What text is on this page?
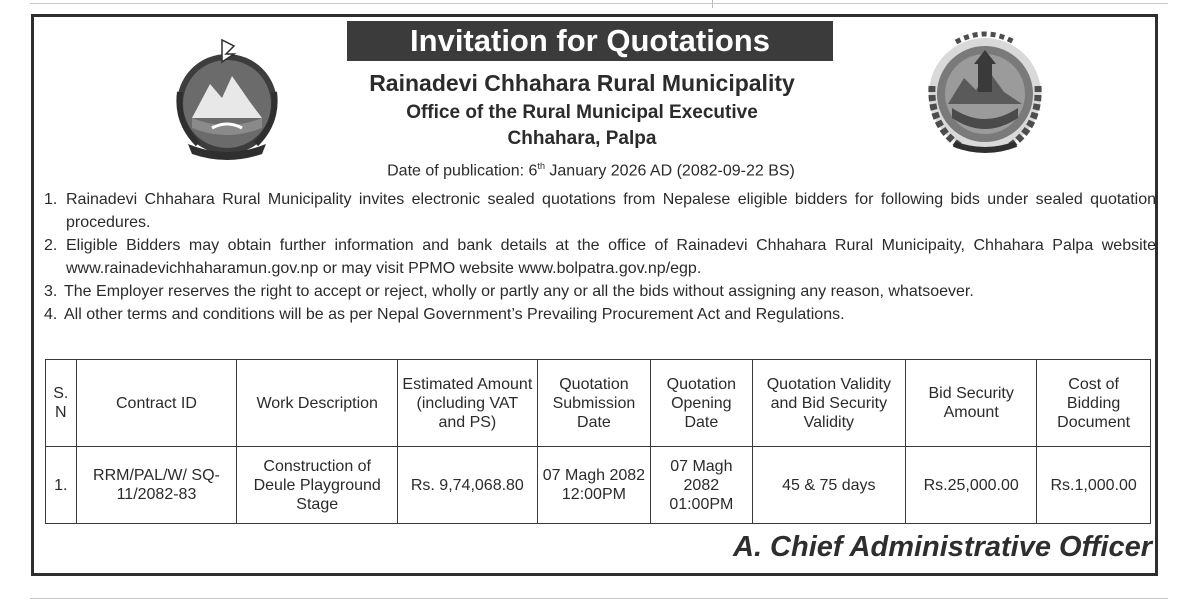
Invitation for Quotations
Rainadevi Chhahara Rural Municipality
Office of the Rural Municipal Executive
Chhahara, Palpa
Date of publication: 6th January 2026 AD (2082-09-22 BS)
1. Rainadevi Chhahara Rural Municipality invites electronic sealed quotations from Nepalese eligible bidders for following bids under sealed quotation procedures.
2. Eligible Bidders may obtain further information and bank details at the office of Rainadevi Chhahara Rural Municipaity, Chhahara Palpa website www.rainadevichhaharamun.gov.np or may visit PPMO website www.bolpatra.gov.np/egp.
3. The Employer reserves the right to accept or reject, wholly or partly any or all the bids without assigning any reason, whatsoever.
4. All other terms and conditions will be as per Nepal Government’s Prevailing Procurement Act and Regulations.
S. N	Contract ID	Work Description	Estimated Amount (including VAT and PS)	Quotation Submission Date	Quotation Opening Date	Quotation Validity and Bid Security Validity	Bid Security Amount	Cost of Bidding Document
1.	RRM/PAL/W/ SQ-11/2082-83	Construction of Deule Playground Stage	Rs. 9,74,068.80	07 Magh 2082 12:00PM	07 Magh 2082 01:00PM	45 & 75 days	Rs.25,000.00	Rs.1,000.00
A. Chief Administrative Officer
